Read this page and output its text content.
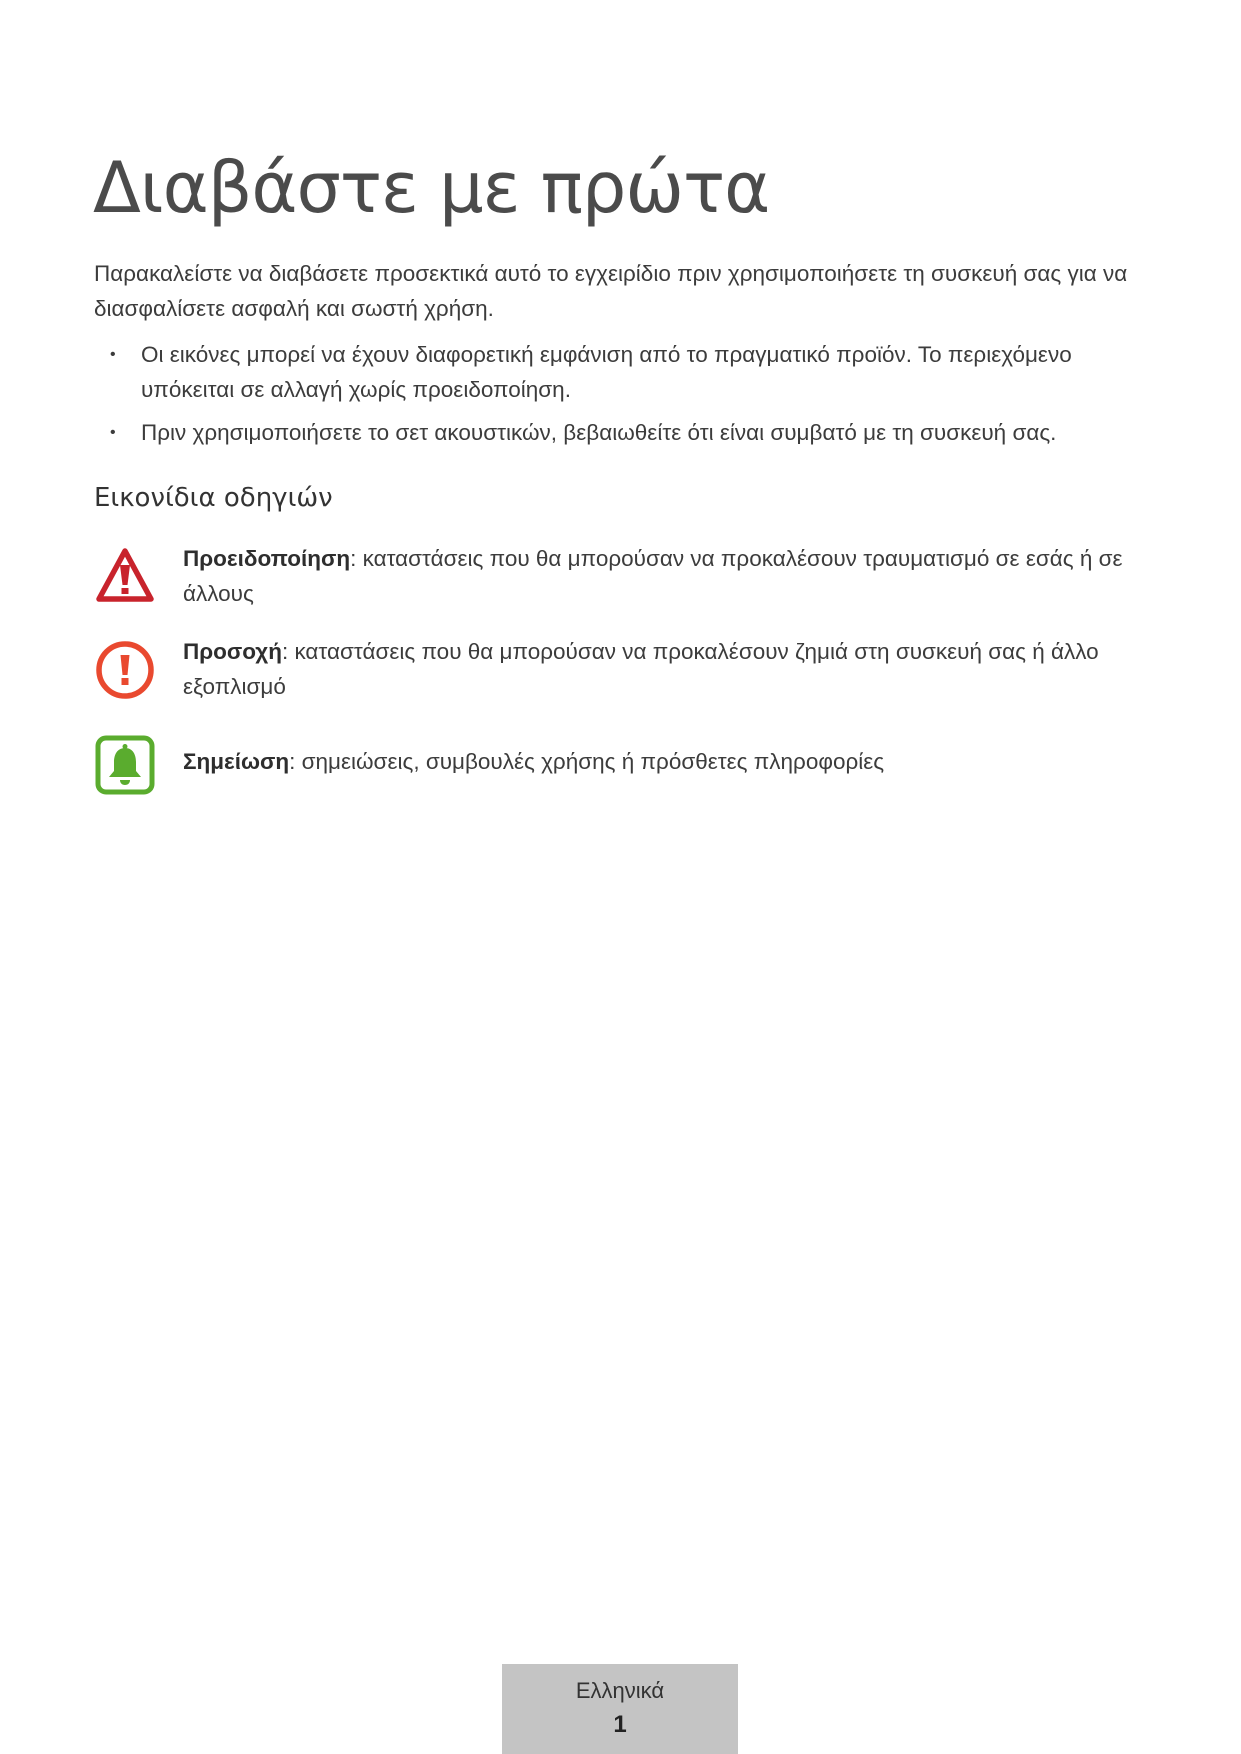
Διαβάστε με πρώτα

Παρακαλείστε να διαβάσετε προσεκτικά αυτό το εγχειρίδιο πριν χρησιμοποιήσετε τη συσκευή σας για να διασφαλίσετε ασφαλή και σωστή χρήση.

• Οι εικόνες μπορεί να έχουν διαφορετική εμφάνιση από το πραγματικό προϊόν. Το περιεχόμενο υπόκειται σε αλλαγή χωρίς προειδοποίηση.
• Πριν χρησιμοποιήσετε το σετ ακουστικών, βεβαιωθείτε ότι είναι συμβατό με τη συσκευή σας.
Εικονίδια οδηγιών
Προειδοποίηση: καταστάσεις που θα μπορούσαν να προκαλέσουν τραυματισμό σε εσάς ή σε άλλους
Προσοχή: καταστάσεις που θα μπορούσαν να προκαλέσουν ζημιά στη συσκευή σας ή άλλο εξοπλισμό
Σημείωση: σημειώσεις, συμβουλές χρήσης ή πρόσθετες πληροφορίες
Ελληνικά
1
